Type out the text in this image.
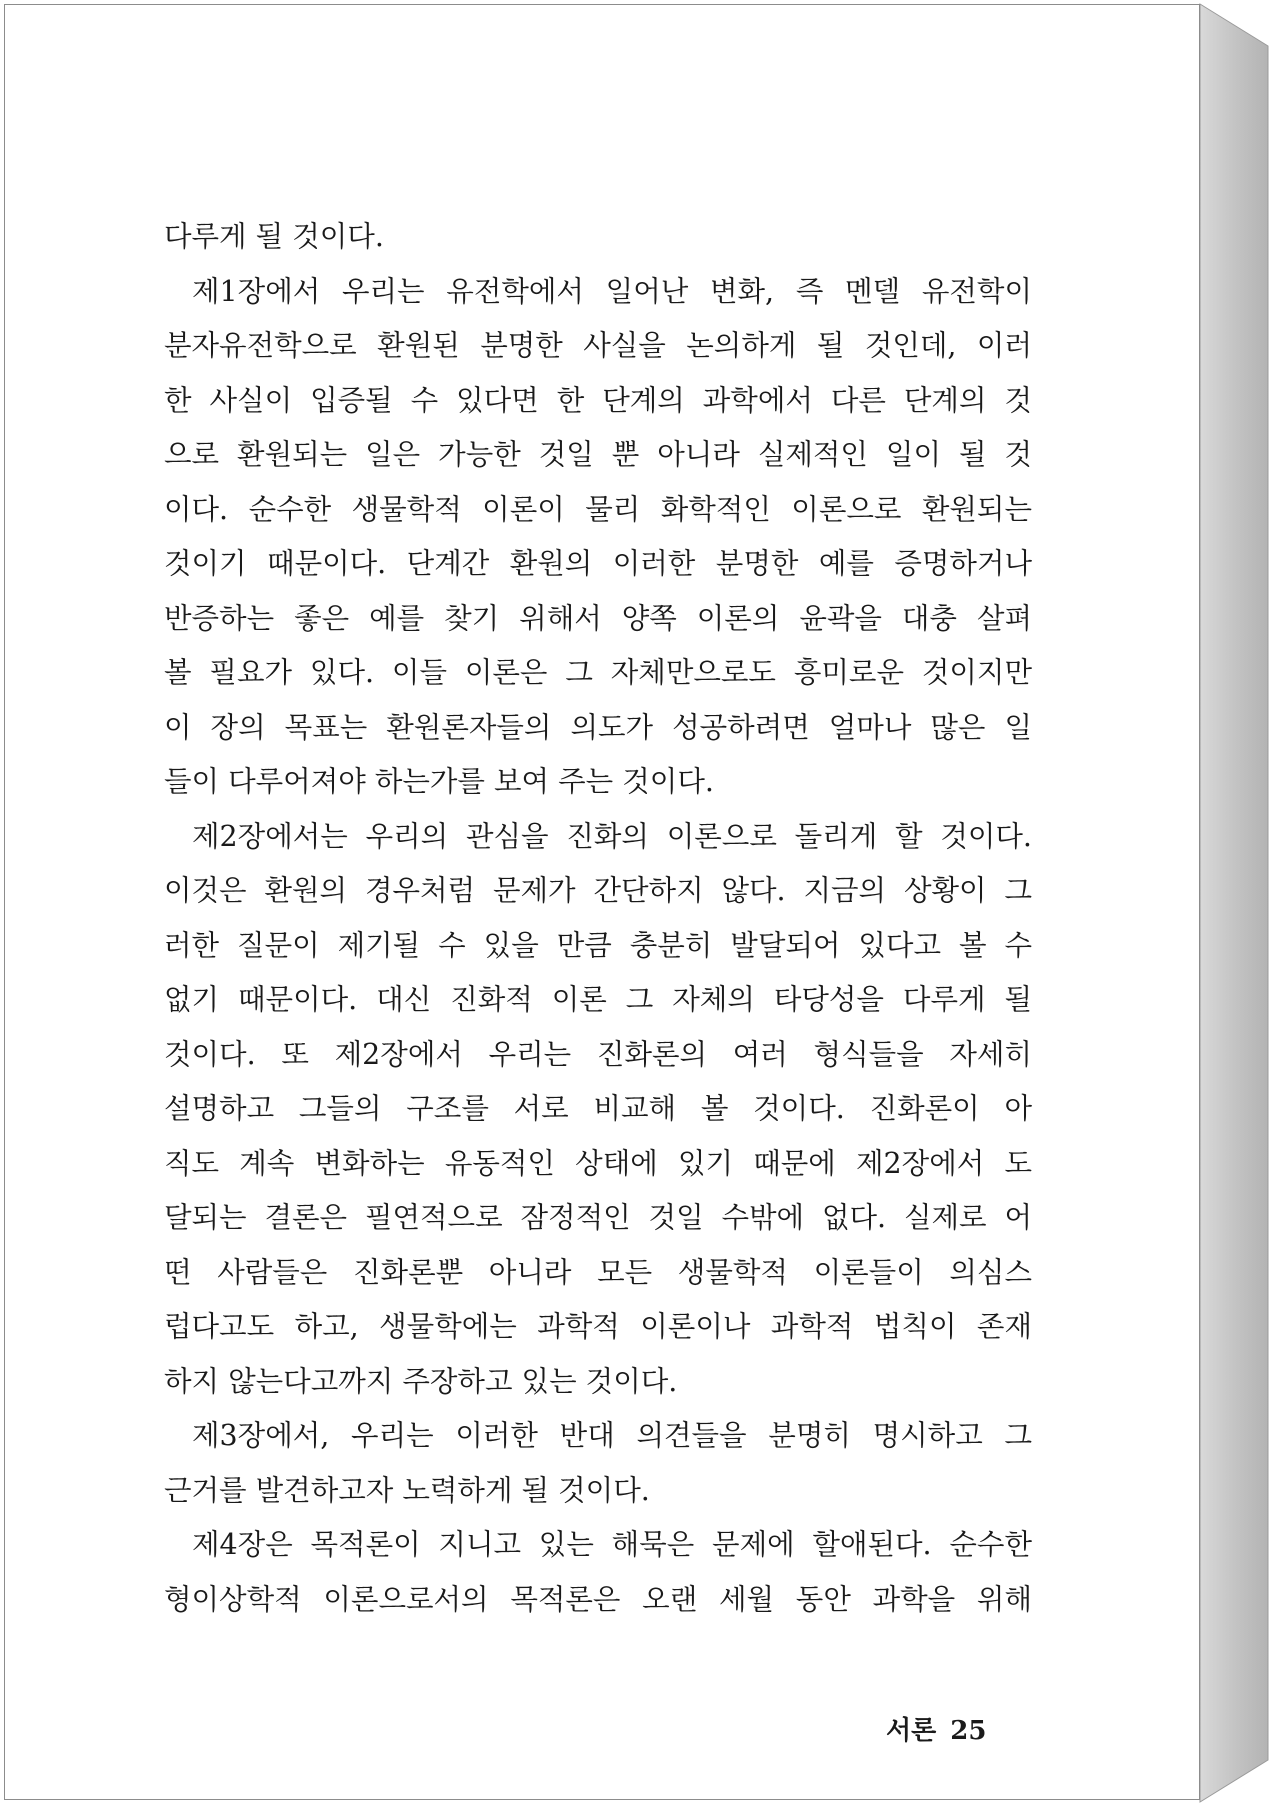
다루게 될 것이다.
제1장에서 우리는 유전학에서 일어난 변화, 즉 멘델 유전학이
분자유전학으로 환원된 분명한 사실을 논의하게 될 것인데, 이러
한 사실이 입증될 수 있다면 한 단계의 과학에서 다른 단계의 것
으로 환원되는 일은 가능한 것일 뿐 아니라 실제적인 일이 될 것
이다. 순수한 생물학적 이론이 물리 화학적인 이론으로 환원되는
것이기 때문이다. 단계간 환원의 이러한 분명한 예를 증명하거나
반증하는 좋은 예를 찾기 위해서 양쪽 이론의 윤곽을 대충 살펴
볼 필요가 있다. 이들 이론은 그 자체만으로도 흥미로운 것이지만
이 장의 목표는 환원론자들의 의도가 성공하려면 얼마나 많은 일
들이 다루어져야 하는가를 보여 주는 것이다.
제2장에서는 우리의 관심을 진화의 이론으로 돌리게 할 것이다.
이것은 환원의 경우처럼 문제가 간단하지 않다. 지금의 상황이 그
러한 질문이 제기될 수 있을 만큼 충분히 발달되어 있다고 볼 수
없기 때문이다. 대신 진화적 이론 그 자체의 타당성을 다루게 될
것이다. 또 제2장에서 우리는 진화론의 여러 형식들을 자세히
설명하고 그들의 구조를 서로 비교해 볼 것이다. 진화론이 아
직도 계속 변화하는 유동적인 상태에 있기 때문에 제2장에서 도
달되는 결론은 필연적으로 잠정적인 것일 수밖에 없다. 실제로 어
떤 사람들은 진화론뿐 아니라 모든 생물학적 이론들이 의심스
럽다고도 하고, 생물학에는 과학적 이론이나 과학적 법칙이 존재
하지 않는다고까지 주장하고 있는 것이다.
제3장에서, 우리는 이러한 반대 의견들을 분명히 명시하고 그
근거를 발견하고자 노력하게 될 것이다.
제4장은 목적론이 지니고 있는 해묵은 문제에 할애된다. 순수한
형이상학적 이론으로서의 목적론은 오랜 세월 동안 과학을 위해
서론 25
